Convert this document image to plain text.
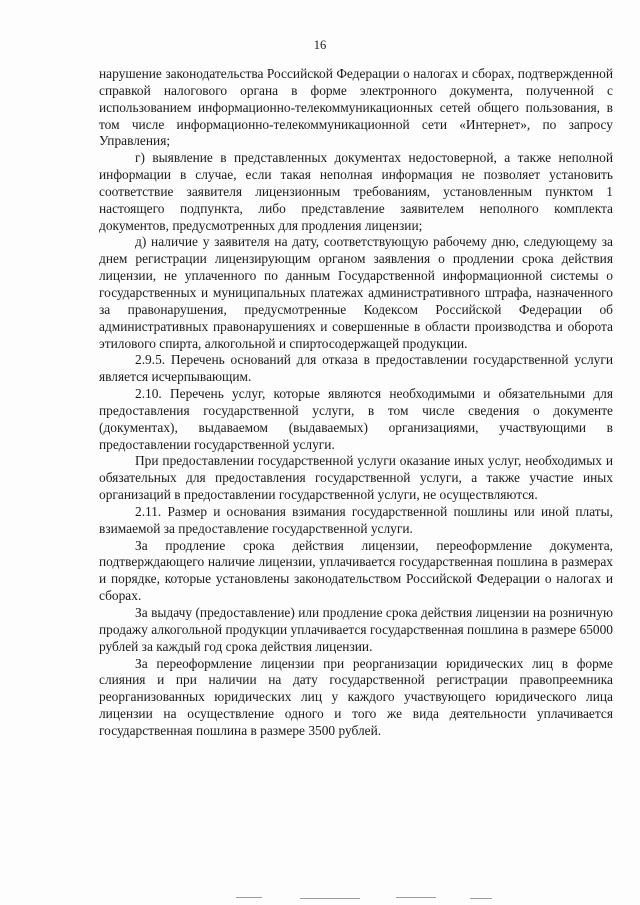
16

нарушение законодательства Российской Федерации о налогах и сборах, подтвержденной справкой налогового органа в форме электронного документа, полученной с использованием информационно-телекоммуникационных сетей общего пользования, в том числе информационно-телекоммуникационной сети «Интернет», по запросу Управления;

г) выявление в представленных документах недостоверной, а также неполной информации в случае, если такая неполная информация не позволяет установить соответствие заявителя лицензионным требованиям, установленным пунктом 1 настоящего подпункта, либо представление заявителем неполного комплекта документов, предусмотренных для продления лицензии;

д) наличие у заявителя на дату, соответствующую рабочему дню, следующему за днем регистрации лицензирующим органом заявления о продлении срока действия лицензии, не уплаченного по данным Государственной информационной системы о государственных и муниципальных платежах административного штрафа, назначенного за правонарушения, предусмотренные Кодексом Российской Федерации об административных правонарушениях и совершенные в области производства и оборота этилового спирта, алкогольной и спиртосодержащей продукции.

2.9.5. Перечень оснований для отказа в предоставлении государственной услуги является исчерпывающим.

2.10. Перечень услуг, которые являются необходимыми и обязательными для предоставления государственной услуги, в том числе сведения о документе (документах), выдаваемом (выдаваемых) организациями, участвующими в предоставлении государственной услуги.

При предоставлении государственной услуги оказание иных услуг, необходимых и обязательных для предоставления государственной услуги, а также участие иных организаций в предоставлении государственной услуги, не осуществляются.

2.11. Размер и основания взимания государственной пошлины или иной платы, взимаемой за предоставление государственной услуги.

За продление срока действия лицензии, переоформление документа, подтверждающего наличие лицензии, уплачивается государственная пошлина в размерах и порядке, которые установлены законодательством Российской Федерации о налогах и сборах.

За выдачу (предоставление) или продление срока действия лицензии на розничную продажу алкогольной продукции уплачивается государственная пошлина в размере 65000 рублей за каждый год срока действия лицензии.

За переоформление лицензии при реорганизации юридических лиц в форме слияния и при наличии на дату государственной регистрации правопреемника реорганизованных юридических лиц у каждого участвующего юридического лица лицензии на осуществление одного и того же вида деятельности уплачивается государственная пошлина в размере 3500 рублей.
